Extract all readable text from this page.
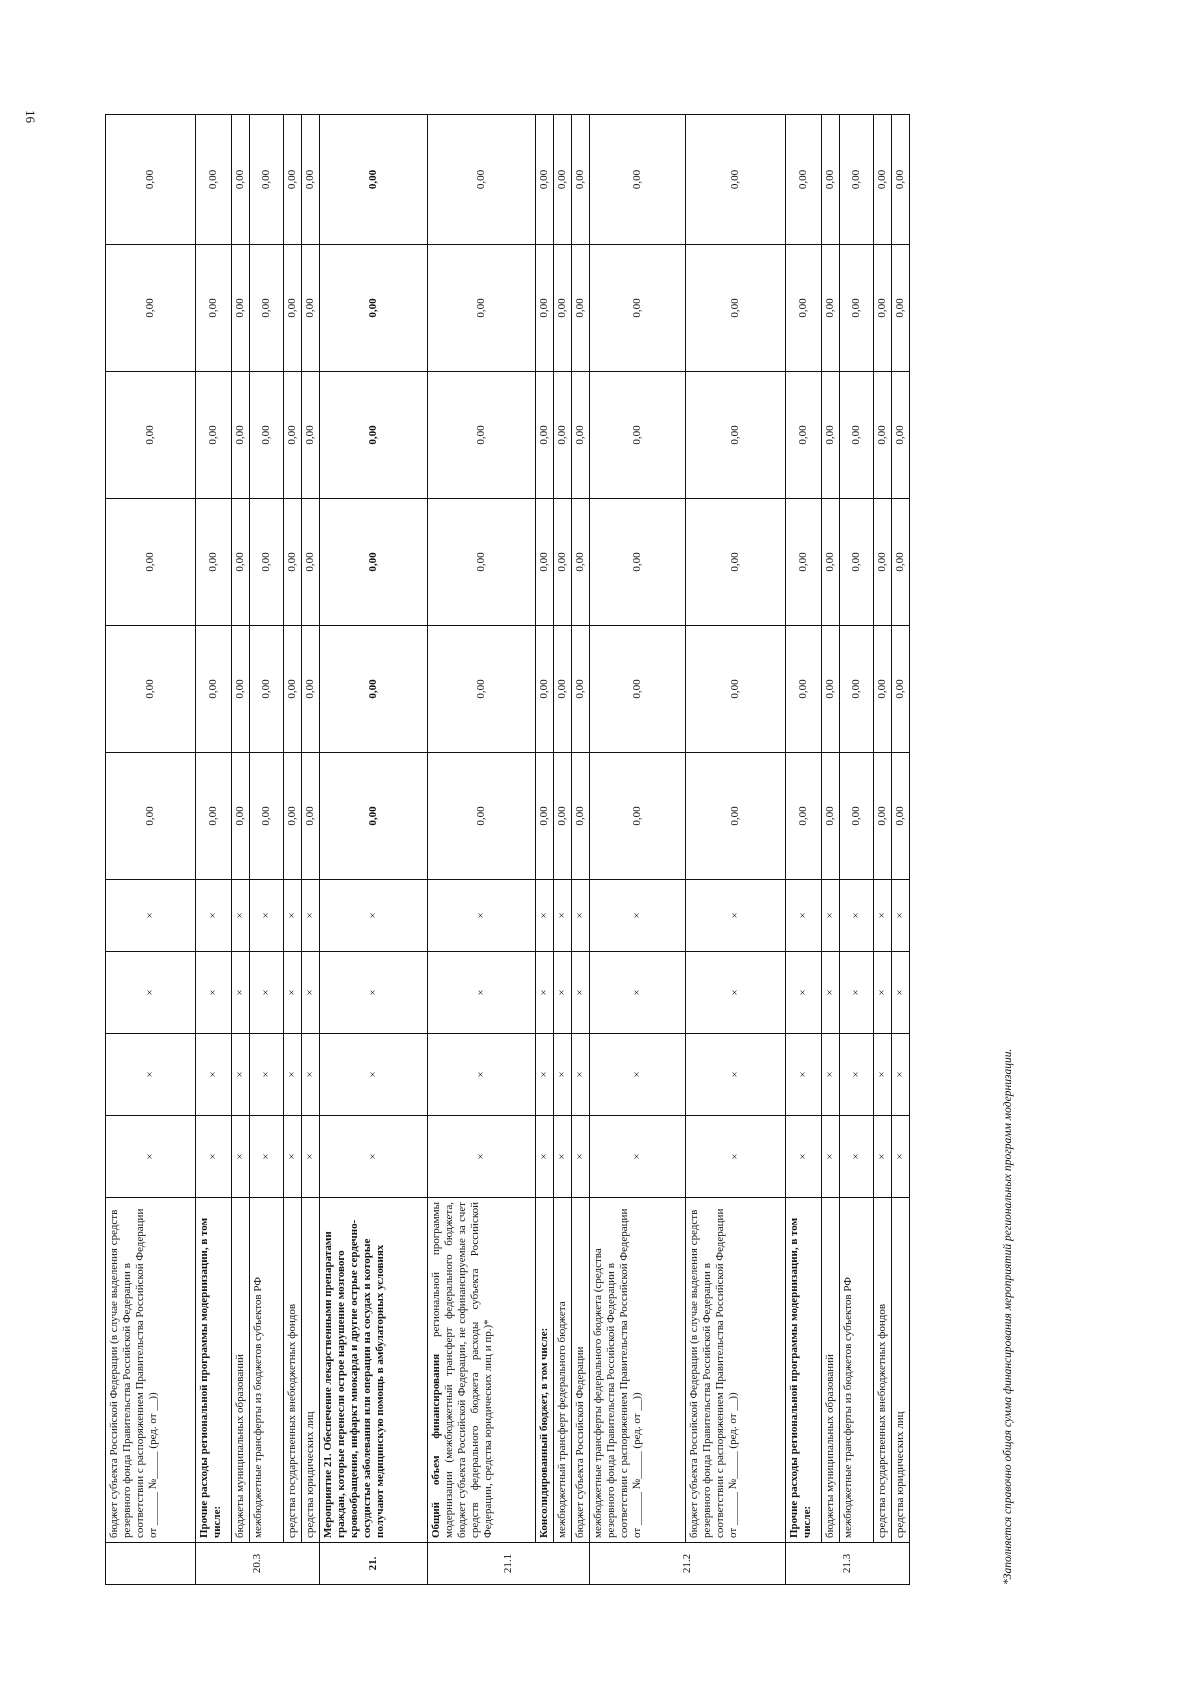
16
	бюджет субъекта Российской Федерации (в случае выделения средств резервного фонда Правительства Российской Федерации в соответствии с распоряжением Правительства Российской Федерации от ______ №_____ (ред. от __))	×	×	×	×	0,00	0,00	0,00	0,00	0,00	0,00
20.3	Прочие расходы региональной программы модернизации, в том числе:	×	×	×	×	0,00	0,00	0,00	0,00	0,00	0,00
	бюджеты муниципальных образований	×	×	×	×	0,00	0,00	0,00	0,00	0,00	0,00
	межбюджетные трансферты из бюджетов субъектов РФ	×	×	×	×	0,00	0,00	0,00	0,00	0,00	0,00
	средства государственных внебюджетных фондов	×	×	×	×	0,00	0,00	0,00	0,00	0,00	0,00
	средства юридических лиц	×	×	×	×	0,00	0,00	0,00	0,00	0,00	0,00
21.	Мероприятие 21. Обеспечение лекарственными препаратами граждан, которые перенесли острое нарушение мозгового кровообращения, инфаркт миокарда и другие острые сердечно-сосудистые заболевания или операции на сосудах и которые получают медицинскую помощь в амбулаторных условиях	×	×	×	×	0,00	0,00	0,00	0,00	0,00	0,00
21.1	Общий объем финансирования региональной программы модернизации (межбюджетный трансферт федерального бюджета, бюджет субъекта Российской Федерации, не софинансируемые за счет средств федерального бюджета расходы субъекта Российской Федерации, средства юридических лиц и пр.)*	×	×	×	×	0,00	0,00	0,00	0,00	0,00	0,00
	Консолидированный бюджет, в том числе:	×	×	×	×	0,00	0,00	0,00	0,00	0,00	0,00
	межбюджетный трансферт федерального бюджета	×	×	×	×	0,00	0,00	0,00	0,00	0,00	0,00
	бюджет субъекта Российской Федерации	×	×	×	×	0,00	0,00	0,00	0,00	0,00	0,00
21.2	межбюджетные трансферты федерального бюджета (средства резервного фонда Правительства Российской Федерации в соответствии с распоряжением Правительства Российской Федерации от ______ №_____ (ред. от __))	×	×	×	×	0,00	0,00	0,00	0,00	0,00	0,00
	бюджет субъекта Российской Федерации (в случае выделения средств резервного фонда Правительства Российской Федерации в соответствии с распоряжением Правительства Российской Федерации от ______ №_____ (ред. от __))	×	×	×	×	0,00	0,00	0,00	0,00	0,00	0,00
21.3	Прочие расходы региональной программы модернизации, в том числе:	×	×	×	×	0,00	0,00	0,00	0,00	0,00	0,00
	бюджеты муниципальных образований	×	×	×	×	0,00	0,00	0,00	0,00	0,00	0,00
	межбюджетные трансферты из бюджетов субъектов РФ	×	×	×	×	0,00	0,00	0,00	0,00	0,00	0,00
	средства государственных внебюджетных фондов	×	×	×	×	0,00	0,00	0,00	0,00	0,00	0,00
	средства юридических лиц	×	×	×	×	0,00	0,00	0,00	0,00	0,00	0,00
*Заполняется справочно общая сумма финансирования мероприятий региональных программ модернизации.
